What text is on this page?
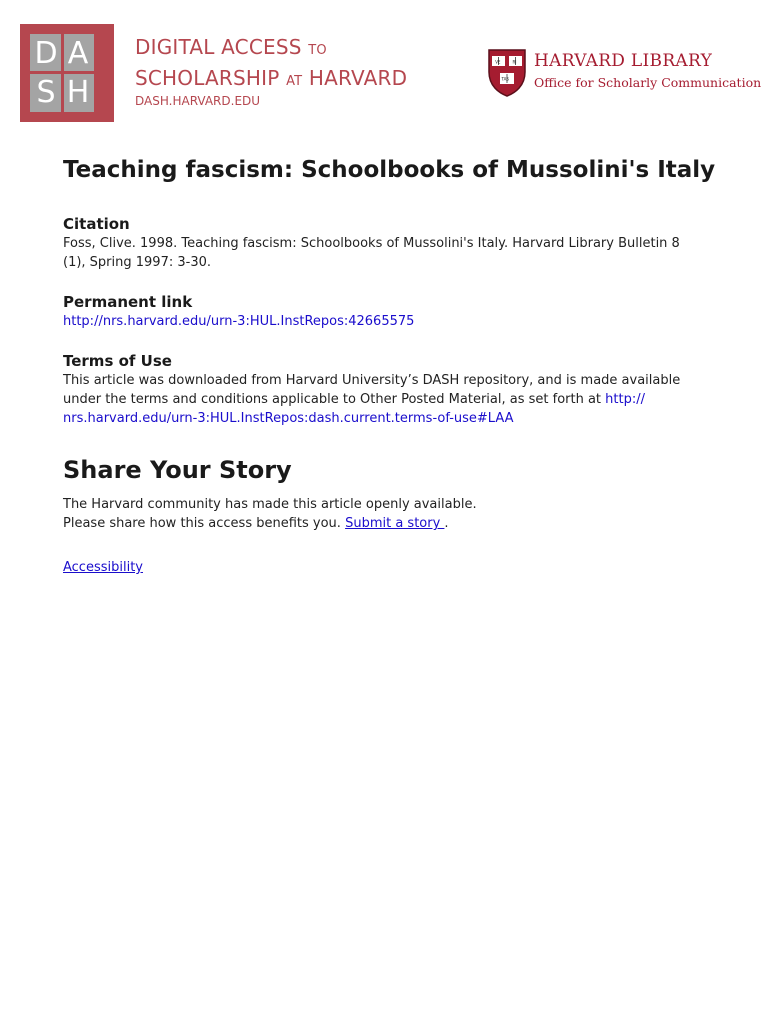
D A
S H
DIGITAL ACCESS TO
SCHOLARSHIP AT HARVARD
DASH.HARVARD.EDU
VE	RI
TAS
HARVARD LIBRARY
Office for Scholarly Communication
Teaching fascism: Schoolbooks of Mussolini's Italy
Citation
Foss, Clive. 1998. Teaching fascism: Schoolbooks of Mussolini's Italy. Harvard Library Bulletin 8
(1), Spring 1997: 3-30.
Permanent link
http://nrs.harvard.edu/urn-3:HUL.InstRepos:42665575
Terms of Use
This article was downloaded from Harvard University’s DASH repository, and is made available
under the terms and conditions applicable to Other Posted Material, as set forth at http://
nrs.harvard.edu/urn-3:HUL.InstRepos:dash.current.terms-of-use#LAA
Share Your Story
The Harvard community has made this article openly available.
Please share how this access benefits you. Submit a story .
Accessibility
